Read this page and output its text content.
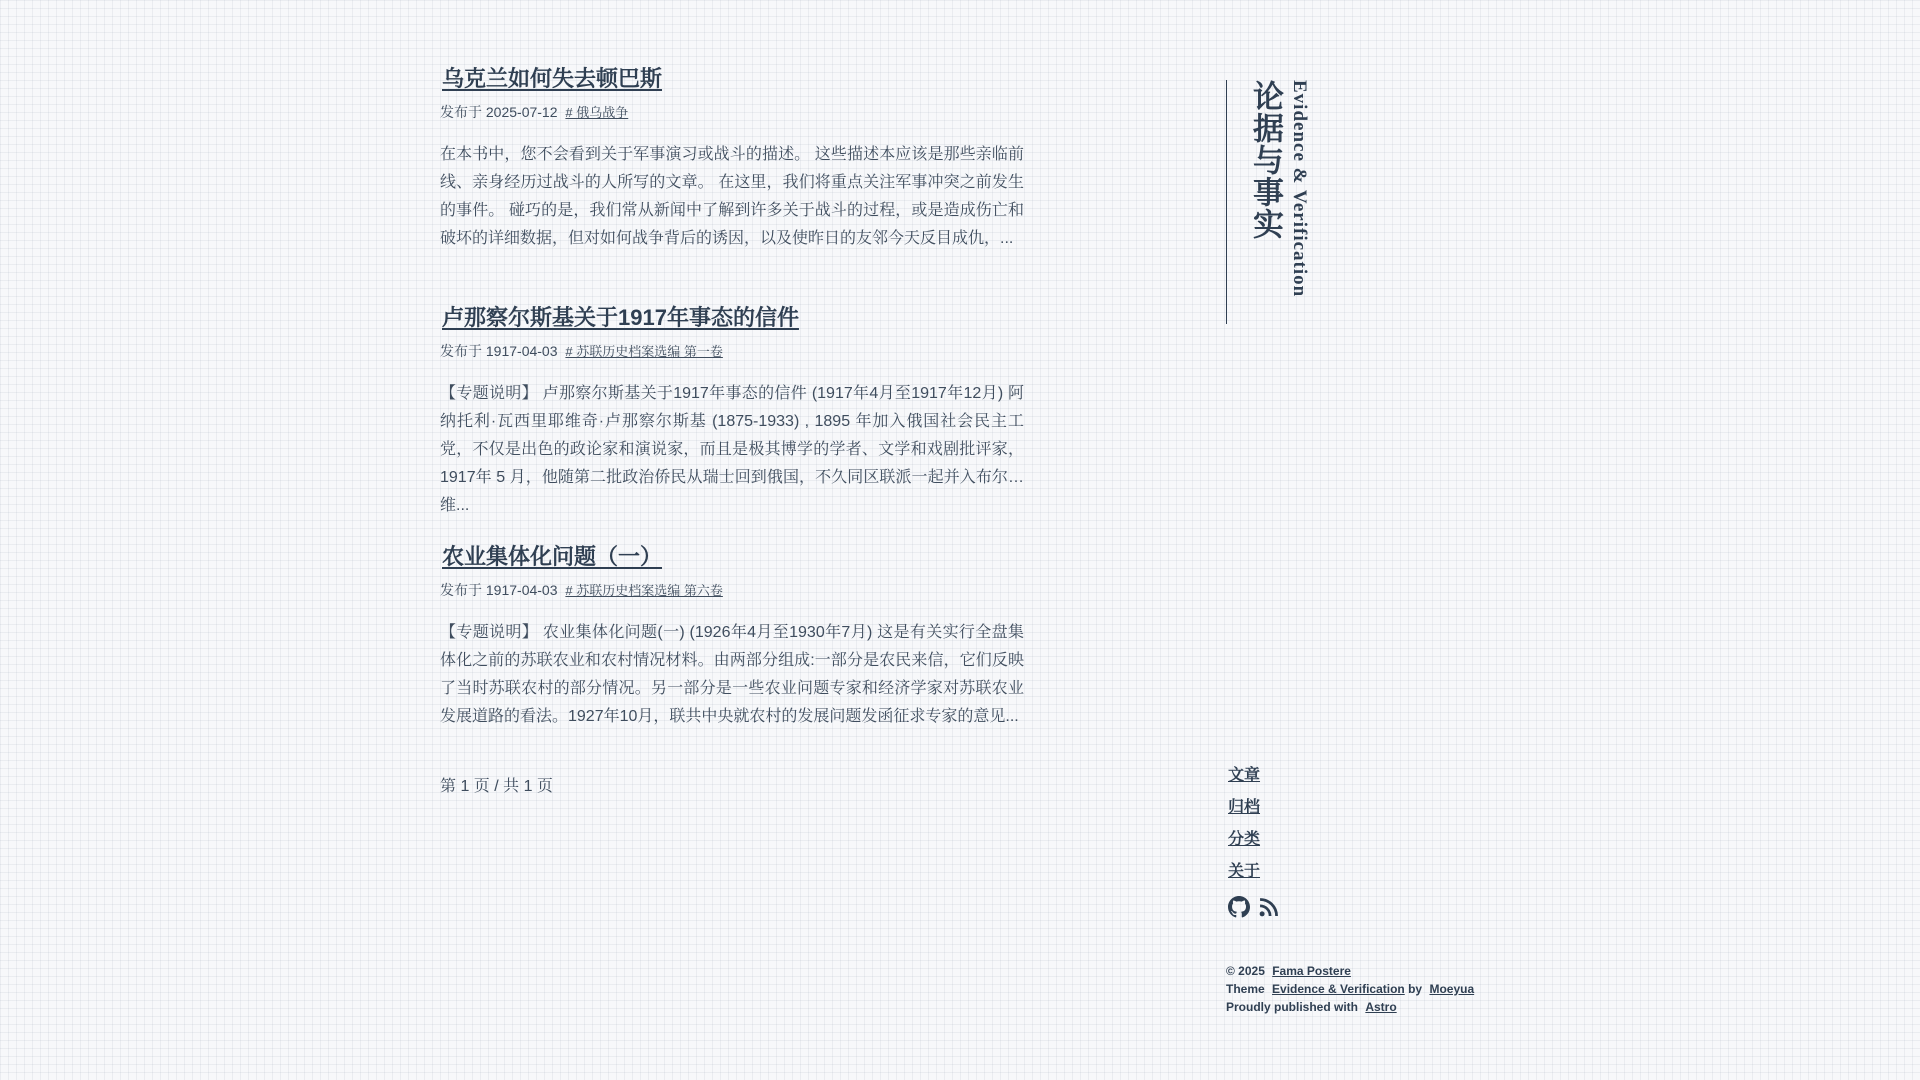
乌克兰如何失去顿巴斯
发布于 2025-07-12 # 俄乌战争
在本书中，您不会看到关于军事演习或战斗的描述。 这些描述本应该是那些亲临前线、亲身经历过战斗的人所写的文章。 在这里，我们将重点关注军事冲突之前发生的事件。 碰巧的是，我们常从新闻中了解到许多关于战斗的过程，或是造成伤亡和破坏的详细数据，但对如何战争背后的诱因，以及使昨日的友邻今天反目成仇，...
卢那察尔斯基关于1917年事态的信件
发布于 1917-04-03 # 苏联历史档案选编 第一卷
【专题说明】 卢那察尔斯基关于1917年事态的信件 (1917年4月至1917年12月) 阿纳托利·瓦西里耶维奇·卢那察尔斯基 (1875-1933) , 1895 年加入俄国社会民主工党，不仅是出色的政论家和演说家，而且是极其博学的学者、文学和戏剧批评家，1917年 5 月，他随第二批政治侨民从瑞士回到俄国，不久同区联派一起并入布尔什维...
农业集体化问题（一）
发布于 1917-04-03 # 苏联历史档案选编 第六卷
【专题说明】 农业集体化问题(一) (1926年4月至1930年7月) 这是有关实行全盘集体化之前的苏联农业和农村情况材料。由两部分组成:一部分是农民来信，它们反映了当时苏联农村的部分情况。另一部分是一些农业问题专家和经济学家对苏联农业发展道路的看法。1927年10月，联共中央就农村的发展问题发函征求专家的意见...
第 1 页 / 共 1 页
论据与事实 Evidence & Verification
文章
归档
分类
关于
© 2025 Fama Postere
Theme Evidence & Verification by Moeyua
Proudly published with Astro
